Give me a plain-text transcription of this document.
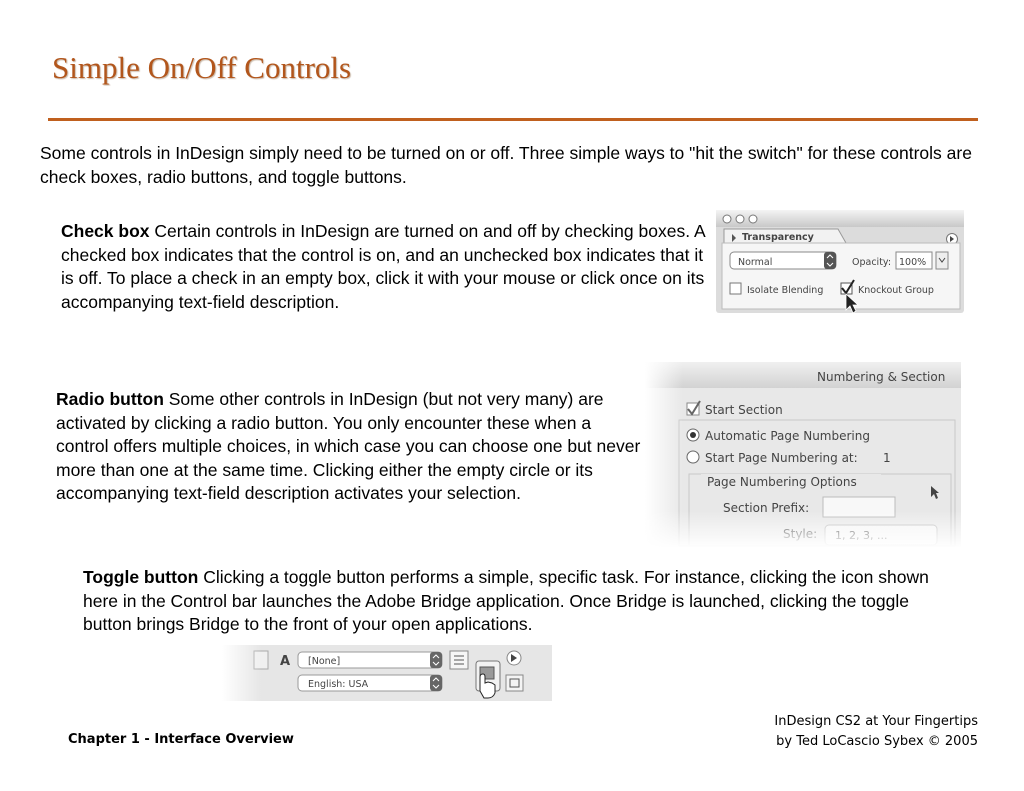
Simple On/Off Controls
Some controls in InDesign simply need to be turned on or off. Three simple ways to "hit the switch" for these controls are check boxes, radio buttons, and toggle buttons.
Check box Certain controls in InDesign are turned on and off by checking boxes. A checked box indicates that the control is on, and an unchecked box indicates that it is off. To place a check in an empty box, click it with your mouse or click once on its accompanying text-field description.
Transparency
Normal	Opacity: 100%
Isolate Blending	Knockout Group
Radio button Some other controls in InDesign (but not very many) are activated by clicking a radio button. You only encounter these when a control offers multiple choices, in which case you can choose one but never more than one at the same time. Clicking either the empty circle or its accompanying text-field description activates your selection.
Toggle button Clicking a toggle button performs a simple, specific task. For instance, clicking the icon shown here in the Control bar launches the Adobe Bridge application. Once Bridge is launched, clicking the toggle button brings Bridge to the front of your open applications.
Chapter 1 - Interface Overview
InDesign CS2 at Your Fingertips
by Ted LoCascio Sybex © 2005
